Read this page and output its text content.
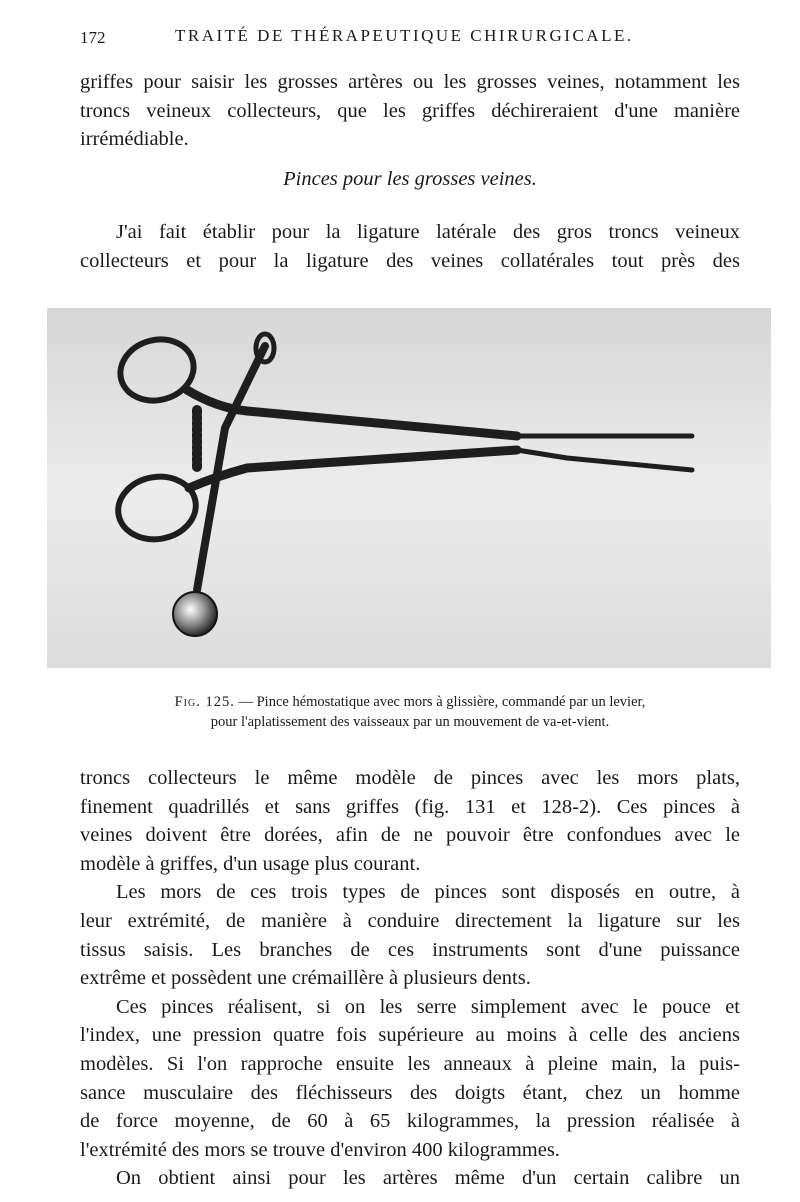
172	TRAITÉ DE THÉRAPEUTIQUE CHIRURGICALE.

griffes pour saisir les grosses artères ou les grosses veines, notamment les

troncs veineux collecteurs, que les griffes déchireraient d'une manière

irrémédiable.

Pinces pour les grosses veines.

J'ai fait établir pour la ligature latérale des gros troncs veineux

collecteurs et pour la ligature des veines collatérales tout près des

Fig. 125. — Pince hémostatique avec mors à glissière, commandé par un levier,

pour l'aplatissement des vaisseaux par un mouvement de va-et-vient.

troncs collecteurs le même modèle de pinces avec les mors plats,

finement quadrillés et sans griffes (fig. 131 et 128-2). Ces pinces à

veines doivent être dorées, afin de ne pouvoir être confondues avec le

modèle à griffes, d'un usage plus courant.

Les mors de ces trois types de pinces sont disposés en outre, à

leur extrémité, de manière à conduire directement la ligature sur les

tissus saisis. Les branches de ces instruments sont d'une puissance

extrême et possèdent une crémaillère à plusieurs dents.

Ces pinces réalisent, si on les serre simplement avec le pouce et

l'index, une pression quatre fois supérieure au moins à celle des anciens

modèles. Si l'on rapproche ensuite les anneaux à pleine main, la puis-

sance musculaire des fléchisseurs des doigts étant, chez un homme

de force moyenne, de 60 à 65 kilogrammes, la pression réalisée à

l'extrémité des mors se trouve d'environ 400 kilogrammes.

On obtient ainsi pour les artères même d'un certain calibre un
